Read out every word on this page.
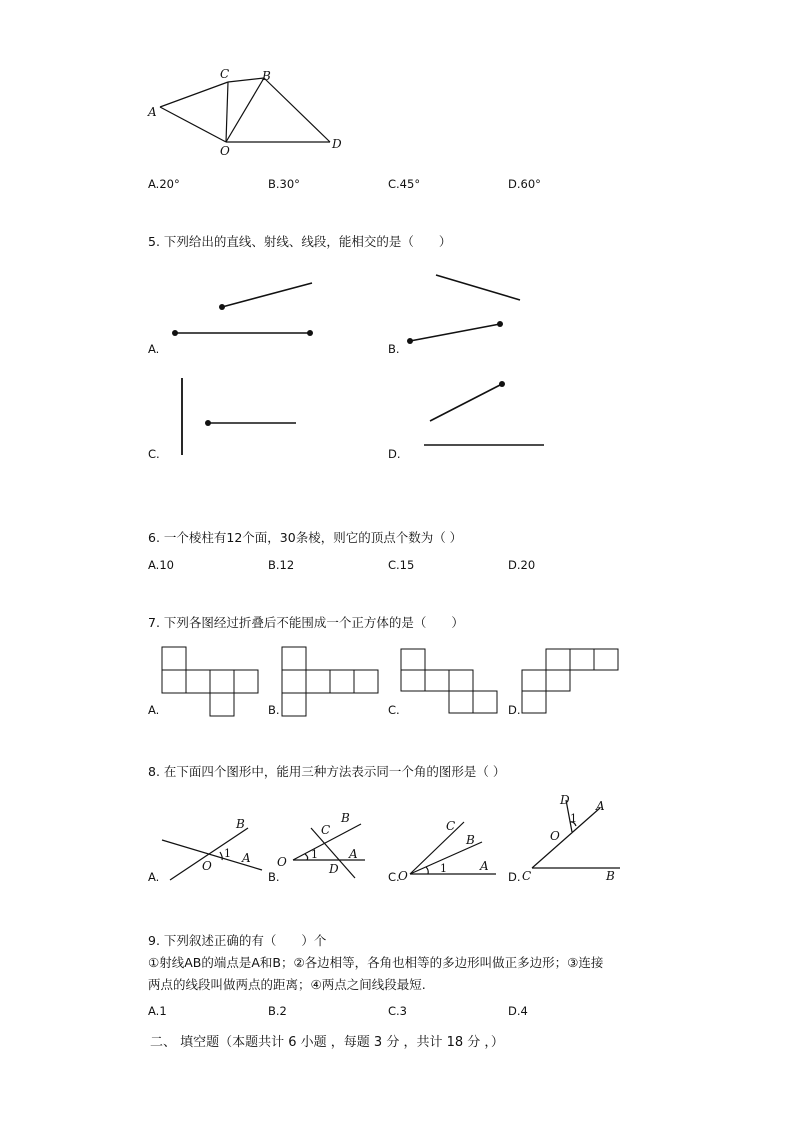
A
B
C
O	D
A.20°	B.30°	C.45°	D.60°
5. 下列给出的直线、射线、线段，能相交的是（　　）
A.	B.
C.	D.
6. 一个棱柱有12个面，30条棱，则它的顶点个数为（ ）
A.10	B.12	C.15	D.20
7. 下列各图经过折叠后不能围成一个正方体的是（　　）
A.	B.	C.	D.
8. 在下面四个图形中，能用三种方法表示同一个角的图形是（ ）
B
1 A
O
A.
C
B
O
1	A
D
B.
C
B
O
1	A
C.
D A
1
O
C	B
D.
9. 下列叙述正确的有（　　）个
①射线AB的端点是A和B；②各边相等，各角也相等的多边形叫做正多边形；③连接
两点的线段叫做两点的距离；④两点之间线段最短.
A.1	B.2	C.3	D.4
二、 填空题（本题共计 6 小题 ，每题 3 分 ，共计 18 分 ，）
